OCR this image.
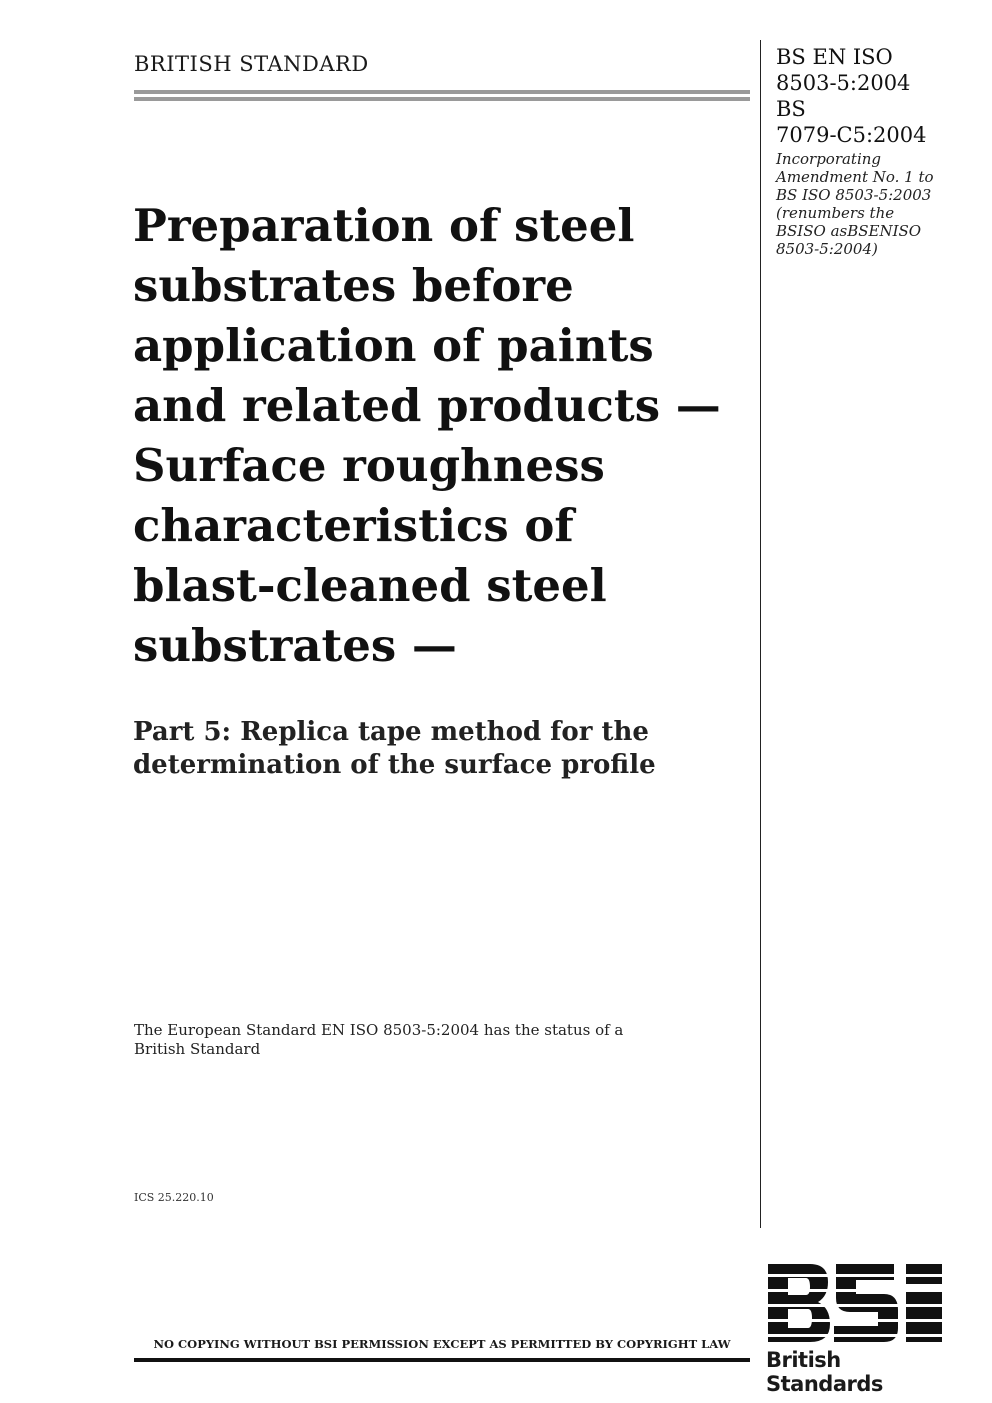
BRITISH STANDARD	BS EN ISO
8503-5:2004
BS
7079-C5:2004
Incorporating
Amendment No. 1 to
BS ISO 8503-5:2003
(renumbers the
BSISO asBSENISO
8503-5:2004)
Preparation of steel
substrates before
application of paints
and related products —
Surface roughness
characteristics of
blast-cleaned steel
substrates —
Part 5: Replica tape method for the
determination of the surface profile
The European Standard EN ISO 8503-5:2004 has the status of a
British Standard
ICS 25.220.10
British Standards
NO COPYING WITHOUT BSI PERMISSION EXCEPT AS PERMITTED BY COPYRIGHT LAW
